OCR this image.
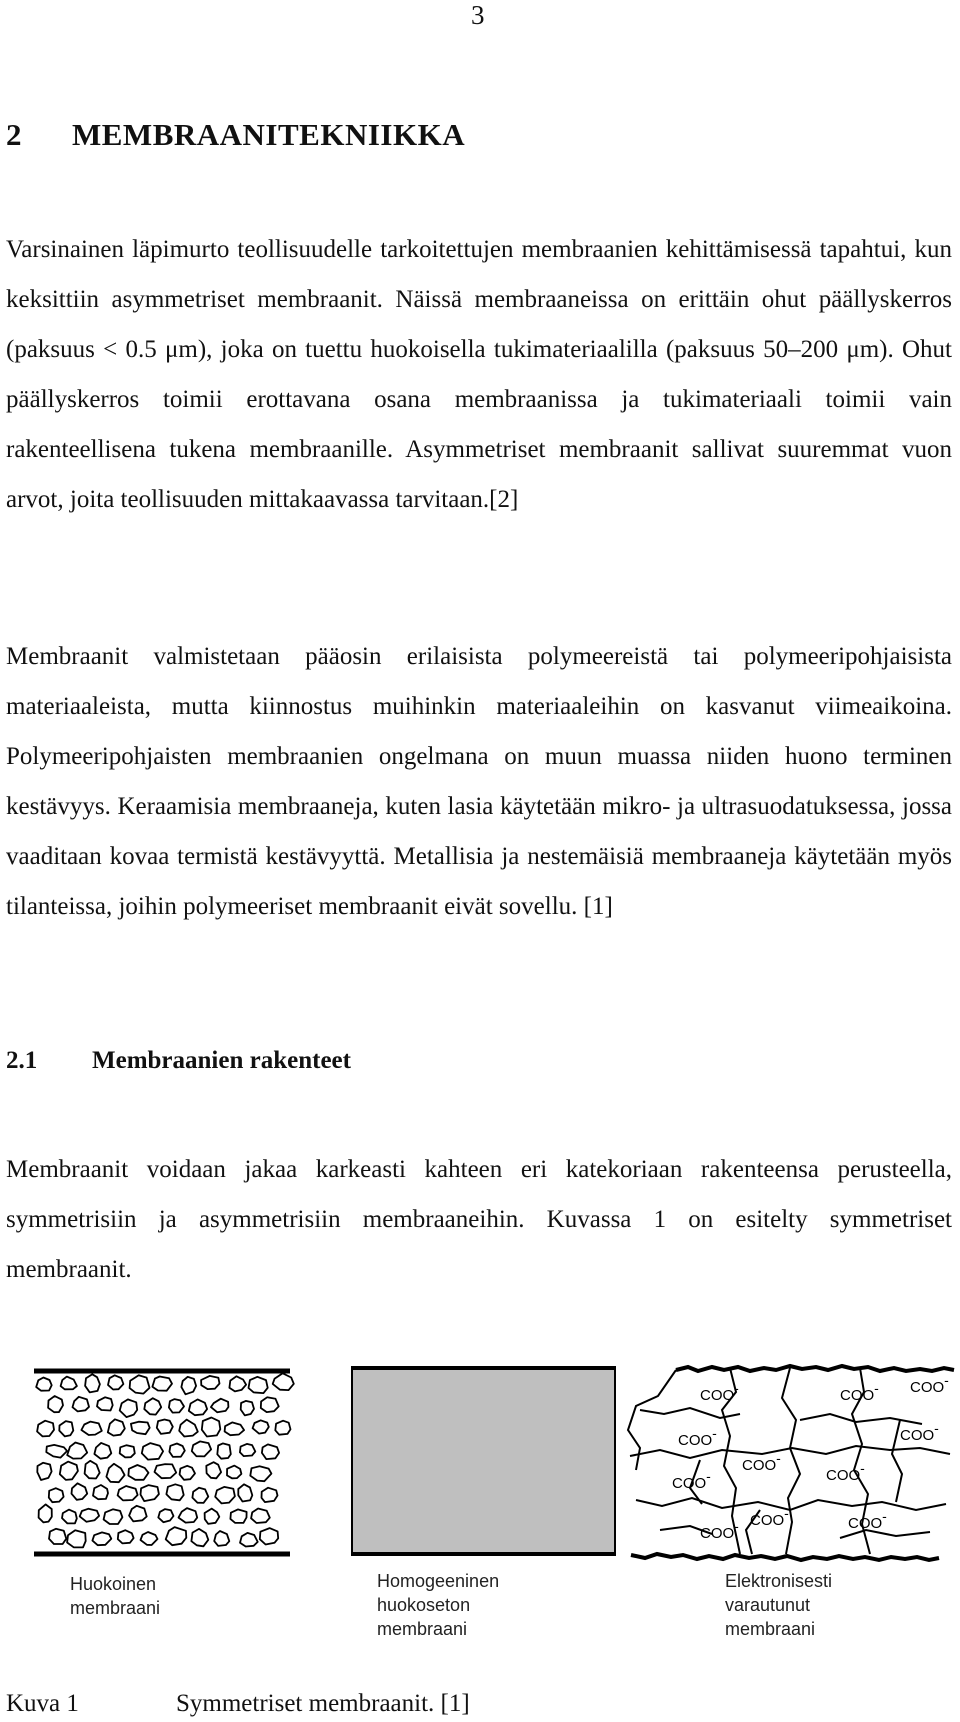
3
2 MEMBRAANITEKNIIKKA

Varsinainen läpimurto teollisuudelle tarkoitettujen membraanien kehittämisessä tapahtui, kun keksittiin asymmetriset membraanit. Näissä membraaneissa on erittäin ohut päällyskerros (paksuus < 0.5 μm), joka on tuettu huokoisella tukimateriaalilla (paksuus 50–200 μm). Ohut päällyskerros toimii erottavana osana membraanissa ja tukimateriaali toimii vain rakenteellisena tukena membraanille. Asymmetriset membraanit sallivat suuremmat vuon arvot, joita teollisuuden mittakaavassa tarvitaan.[2]

Membraanit valmistetaan pääosin erilaisista polymeereistä tai polymeeripohjaisista materiaaleista, mutta kiinnostus muihinkin materiaaleihin on kasvanut viimeaikoina. Polymeeripohjaisten membraanien ongelmana on muun muassa niiden huono terminen kestävyys. Keraamisia membraaneja, kuten lasia käytetään mikro- ja ultrasuodatuksessa, jossa vaaditaan kovaa termistä kestävyyttä. Metallisia ja nestemäisiä membraaneja käytetään myös tilanteissa, joihin polymeeriset membraanit eivät sovellu. [1]

2.1 Membraanien rakenteet

Membraanit voidaan jakaa karkeasti kahteen eri katekoriaan rakenteensa perusteella, symmetrisiin ja asymmetrisiin membraaneihin. Kuvassa 1 on esitelty symmetriset membraanit.

COO-	COO- COO-
COO-	COO-
COO-
COO-
COO-
COO-
COO-
COO-
Huokoinen
membraani
Homogeeninen
huokoseton
membraani
Elektronisesti
varautunut
membraani
Kuva 1	Symmetriset membraanit. [1]
